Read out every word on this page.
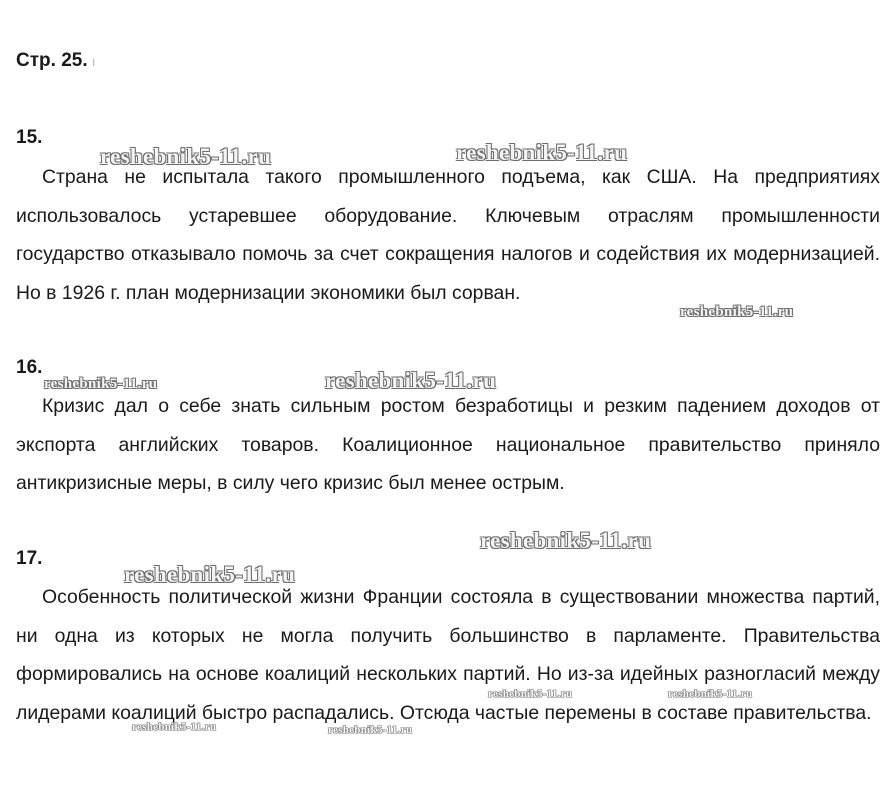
Стр. 25. ı
15.

Страна не испытала такого промышленного подъема, как США. На предприятиях использовалось устаревшее оборудование. Ключевым отраслям промышленности государство отказывало помочь за счет сокращения налогов и содействия их модернизацией. Но в 1926 г. план модернизации экономики был сорван.

16.

Кризис дал о себе знать сильным ростом безработицы и резким падением доходов от экспорта английских товаров. Коалиционное национальное правительство приняло антикризисные меры, в силу чего кризис был менее острым.

17.

Особенность политической жизни Франции состояла в существовании множества партий, ни одна из которых не могла получить большинство в парламенте. Правительства формировались на основе коалиций нескольких партий. Но из-за идейных разногласий между лидерами коалиций быстро распадались. Отсюда частые перемены в составе правительства.

reshebnik5-11.ru	reshebnik5-11.ru
reshebnik5-11.ru
reshebnik5-11.ru	reshebnik5-11.ru
reshebnik5-11.ru
reshebnik5-11.ru
reshebnik5-11.ru	reshebnik5-11.ru
reshebnik5-11.ru	reshebnik5-11.ru
